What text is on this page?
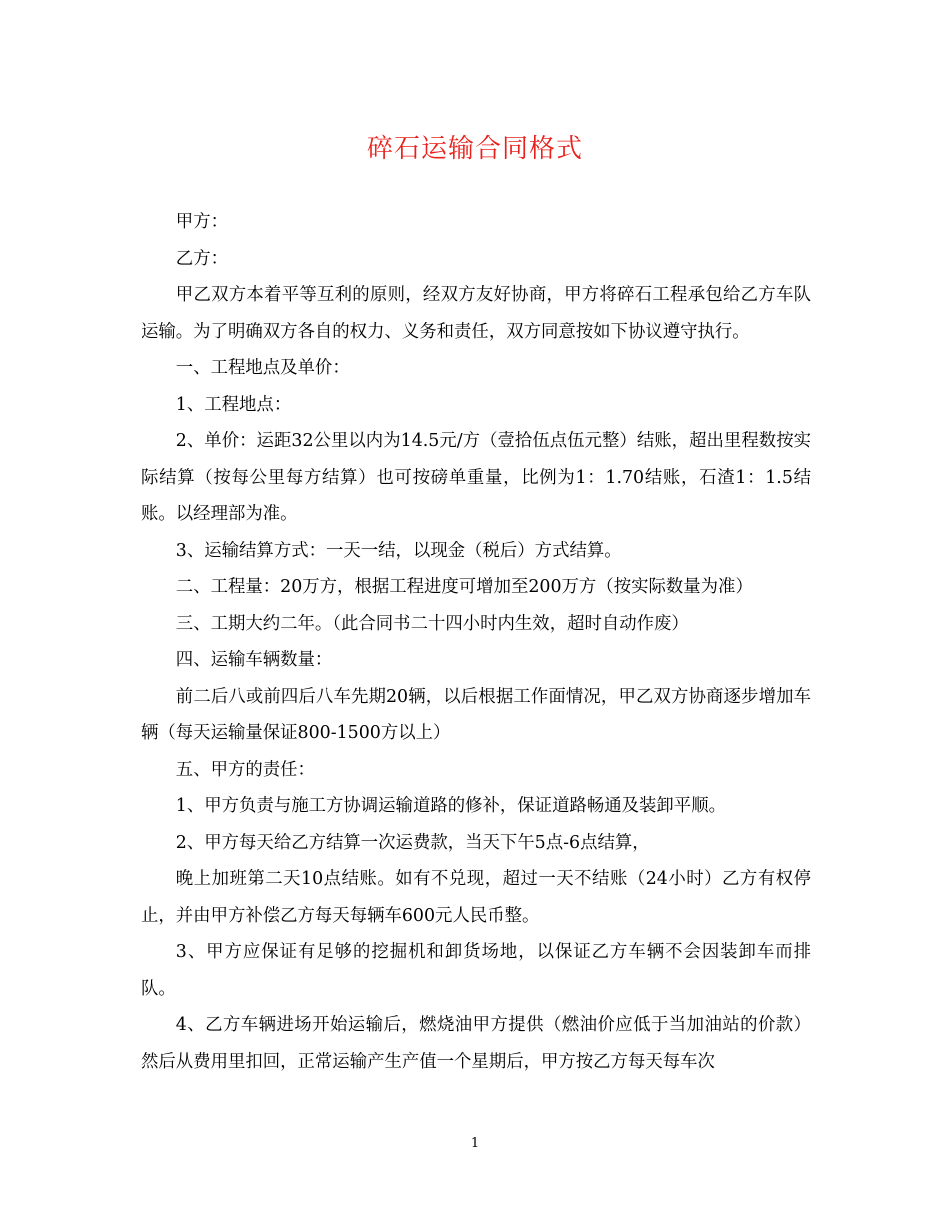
碎石运输合同格式

甲方：

乙方：

甲乙双方本着平等互利的原则，经双方友好协商，甲方将碎石工程承包给乙方车队运输。为了明确双方各自的权力、义务和责任，双方同意按如下协议遵守执行。

一、工程地点及单价：

1、工程地点：

2、单价：运距32公里以内为14.5元/方（壹拾伍点伍元整）结账，超出里程数按实际结算（按每公里每方结算）也可按磅单重量，比例为1：1.70结账，石渣1：1.5结账。以经理部为准。

3、运输结算方式：一天一结，以现金（税后）方式结算。

二、工程量：20万方，根据工程进度可增加至200万方（按实际数量为准）

三、工期大约二年。（此合同书二十四小时内生效，超时自动作废）

四、运输车辆数量：

前二后八或前四后八车先期20辆，以后根据工作面情况，甲乙双方协商逐步增加车辆（每天运输量保证800-1500方以上）

五、甲方的责任：

1、甲方负责与施工方协调运输道路的修补，保证道路畅通及装卸平顺。

2、甲方每天给乙方结算一次运费款，当天下午5点-6点结算，

晚上加班第二天10点结账。如有不兑现，超过一天不结账（24小时）乙方有权停止，并由甲方补偿乙方每天每辆车600元人民币整。

3、甲方应保证有足够的挖掘机和卸货场地，以保证乙方车辆不会因装卸车而排队。

4、乙方车辆进场开始运输后，燃烧油甲方提供（燃油价应低于当加油站的价款）然后从费用里扣回，正常运输产生产值一个星期后，甲方按乙方每天每车次

1
